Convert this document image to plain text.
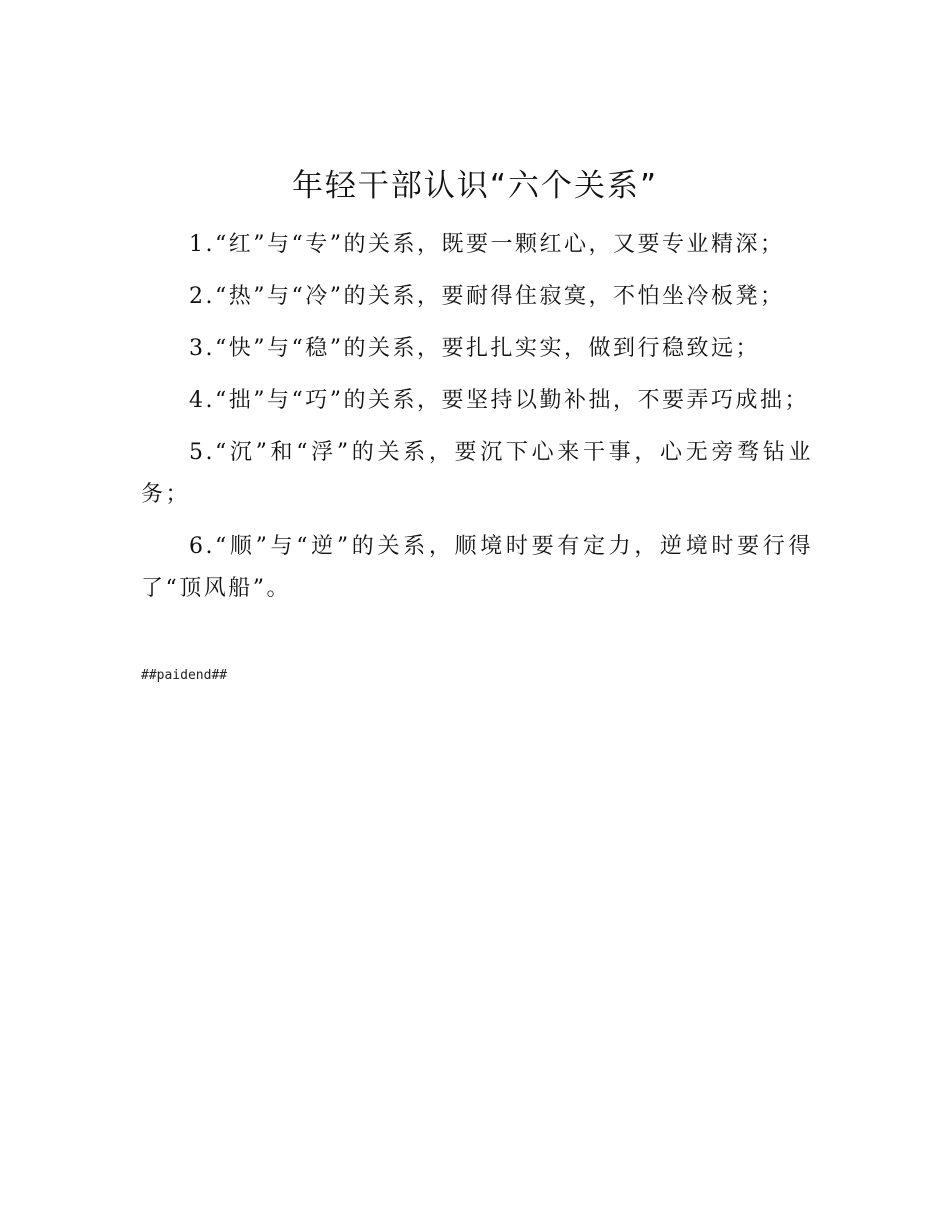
年轻干部认识“六个关系”

1.“红”与“专”的关系，既要一颗红心，又要专业精深；

2.“热”与“冷”的关系，要耐得住寂寞，不怕坐冷板凳；

3.“快”与“稳”的关系，要扎扎实实，做到行稳致远；

4.“拙”与“巧”的关系，要坚持以勤补拙，不要弄巧成拙；

5.“沉”和“浮”的关系，要沉下心来干事，心无旁骛钻业务；

6.“顺”与“逆”的关系，顺境时要有定力，逆境时要行得了“顶风船”。

##paidend##
